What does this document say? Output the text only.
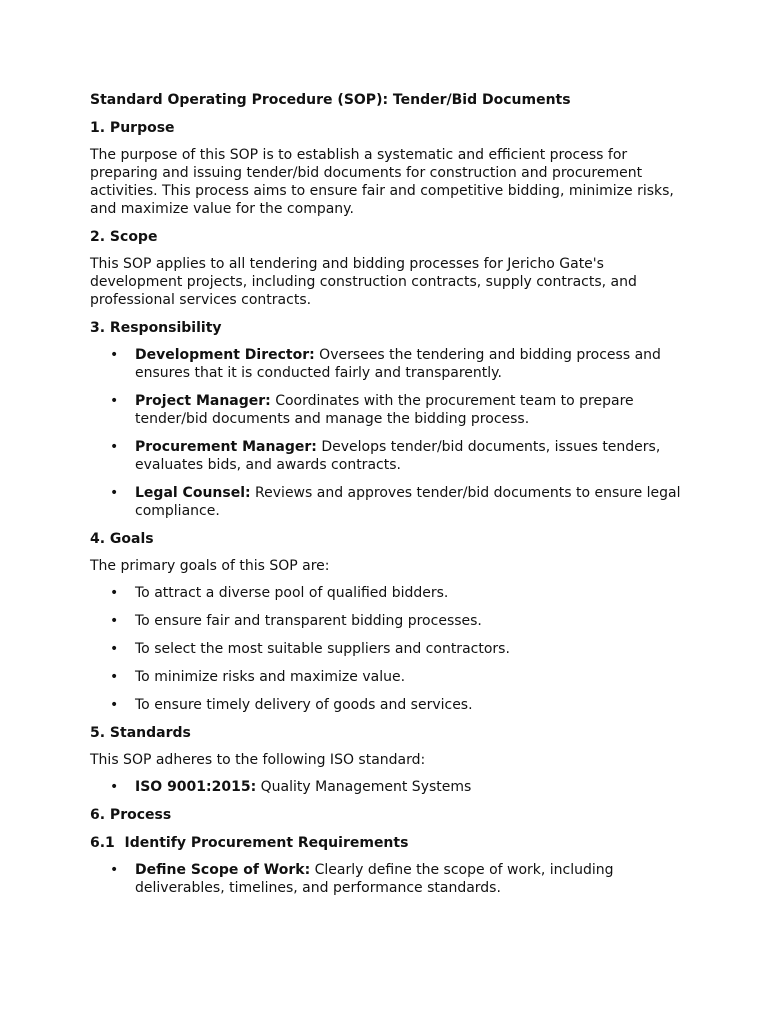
Standard Operating Procedure (SOP): Tender/Bid Documents
1. Purpose

The purpose of this SOP is to establish a systematic and efficient process for preparing and issuing tender/bid documents for construction and procurement activities. This process aims to ensure fair and competitive bidding, minimize risks, and maximize value for the company.

2. Scope

This SOP applies to all tendering and bidding processes for Jericho Gate's development projects, including construction contracts, supply contracts, and professional services contracts.

3. Responsibility
• Development Director: Oversees the tendering and bidding process and ensures that it is conducted fairly and transparently.
• Project Manager: Coordinates with the procurement team to prepare tender/bid documents and manage the bidding process.
• Procurement Manager: Develops tender/bid documents, issues tenders, evaluates bids, and awards contracts.
• Legal Counsel: Reviews and approves tender/bid documents to ensure legal compliance.
4. Goals

The primary goals of this SOP are:

• To attract a diverse pool of qualified bidders.
• To ensure fair and transparent bidding processes.
• To select the most suitable suppliers and contractors.
• To minimize risks and maximize value.
• To ensure timely delivery of goods and services.
5. Standards

This SOP adheres to the following ISO standard:

• ISO 9001:2015: Quality Management Systems
6. Process
6.1  Identify Procurement Requirements
• Define Scope of Work: Clearly define the scope of work, including deliverables, timelines, and performance standards.
